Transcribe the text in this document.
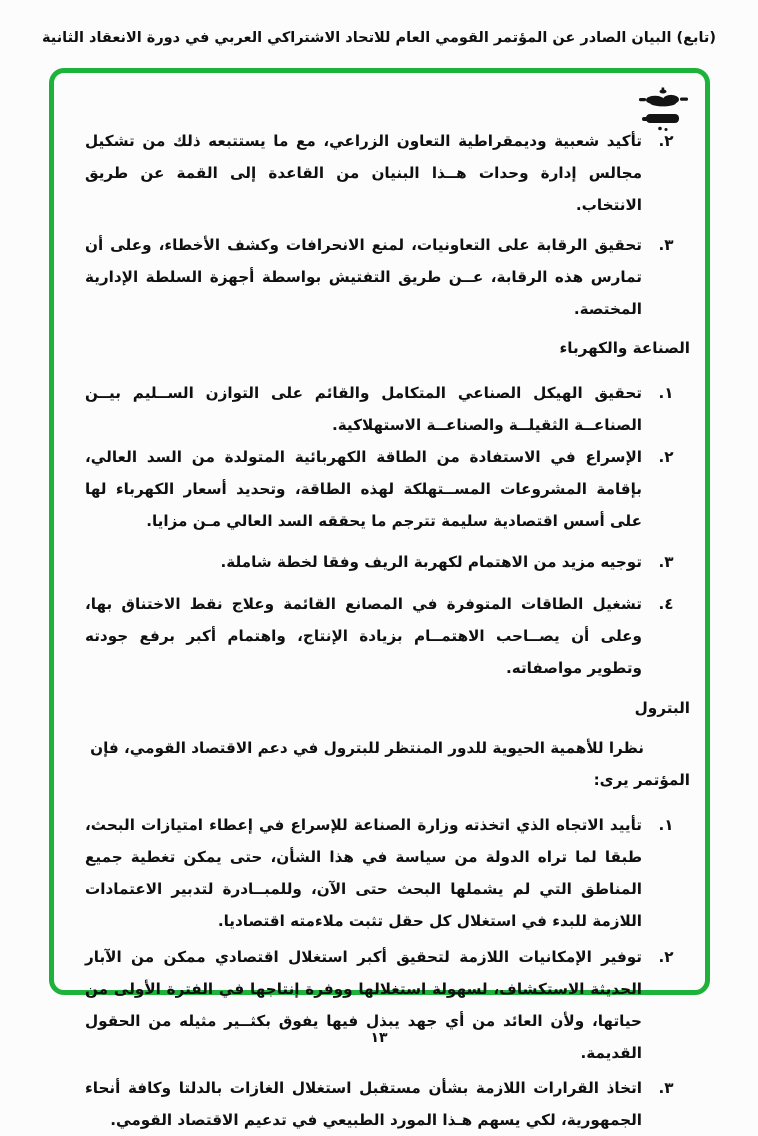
(تابع) البيان الصادر عن المؤتمر القومي العام للاتحاد الاشتراكي العربي في دورة الانعقاد الثانية
٢.

تأكيد شعبية وديمقراطية التعاون الزراعي، مع ما يستتبعه ذلك من تشكيل مجالس إدارة وحدات هــذا البنيان من القاعدة إلى القمة عن طريق الانتخاب.

٣.

تحقيق الرقابة على التعاونيات، لمنع الانحرافات وكشف الأخطاء، وعلى أن تمارس هذه الرقابة، عــن طريق التفتيش بواسطة أجهزة السلطة الإدارية المختصة.

الصناعة والكهرباء
١.

تحقيق الهيكل الصناعي المتكامل والقائم على التوازن الســليم بيــن الصناعــة الثقيلــة والصناعــة الاستهلاكية.

٢.

الإسراع في الاستفادة من الطاقة الكهربائية المتولدة من السد العالي، بإقامة المشروعات المســتهلكة لهذه الطاقة، وتحديد أسعار الكهرباء لها على أسس اقتصادية سليمة تترجم ما يحققه السد العالي مـن مزايا.

٣.

توجيه مزيد من الاهتمام لكهربة الريف وفقا لخطة شاملة.

٤.

تشغيل الطاقات المتوفرة في المصانع القائمة وعلاج نقط الاختناق بها، وعلى أن يصــاحب الاهتمــام بزيادة الإنتاج، واهتمام أكبر برفع جودته وتطوير مواصفاته.

البترول

نظرا للأهمية الحيوية للدور المنتظر للبترول في دعم الاقتصاد القومي، فإن المؤتمر يرى:

١.

تأييد الاتجاه الذي اتخذته وزارة الصناعة للإسراع في إعطاء امتيازات البحث، طبقا لما تراه الدولة من سياسة في هذا الشأن، حتى يمكن تغطية جميع المناطق التي لم يشملها البحث حتى الآن، وللمبــادرة لتدبير الاعتمادات اللازمة للبدء في استغلال كل حقل تثبت ملاءمته اقتصاديا.

٢.

توفير الإمكانيات اللازمة لتحقيق أكبر استغلال اقتصادي ممكن من الآبار الحديثة الاستكشاف، لسهولة استغلالها ووفرة إنتاجها في الفترة الأولى من حياتها، ولأن العائد من أي جهد يبذل فيها يفوق بكثــير مثيله من الحقول القديمة.

٣.

اتخاذ القرارات اللازمة بشأن مستقبل استغلال الغازات بالدلتا وكافة أنحاء الجمهورية، لكي يسهم هـذا المورد الطبيعي في تدعيم الاقتصاد القومي.

١٣
